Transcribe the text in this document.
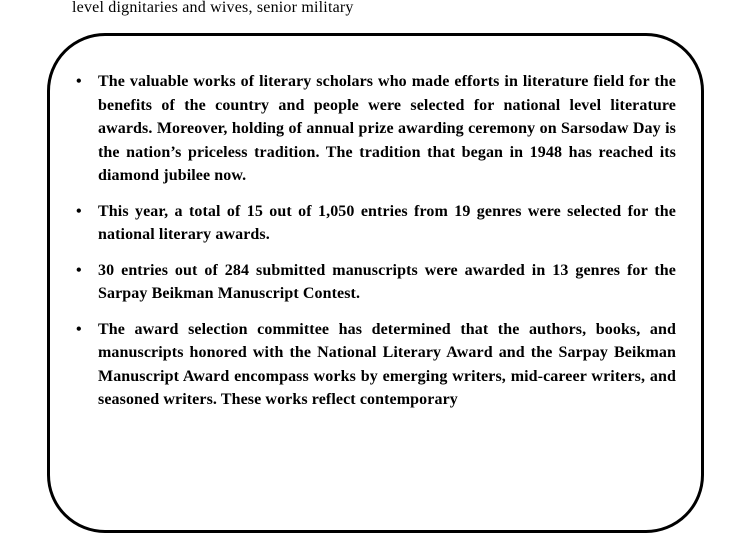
level dignitaries and wives, senior military

• The valuable works of literary scholars who made efforts in literature field for the benefits of the country and people were selected for national level literature awards. Moreover, holding of annual prize awarding ceremony on Sarsodaw Day is the nation’s priceless tradition. The tradition that began in 1948 has reached its diamond jubilee now.
• This year, a total of 15 out of 1,050 entries from 19 genres were selected for the national literary awards.
• 30 entries out of 284 submitted manuscripts were awarded in 13 genres for the Sarpay Beikman Manuscript Contest.
• The award selection committee has determined that the authors, books, and manuscripts honored with the National Literary Award and the Sarpay Beikman Manuscript Award encompass works by emerging writers, mid-career writers, and seasoned writers. These works reflect contemporary
